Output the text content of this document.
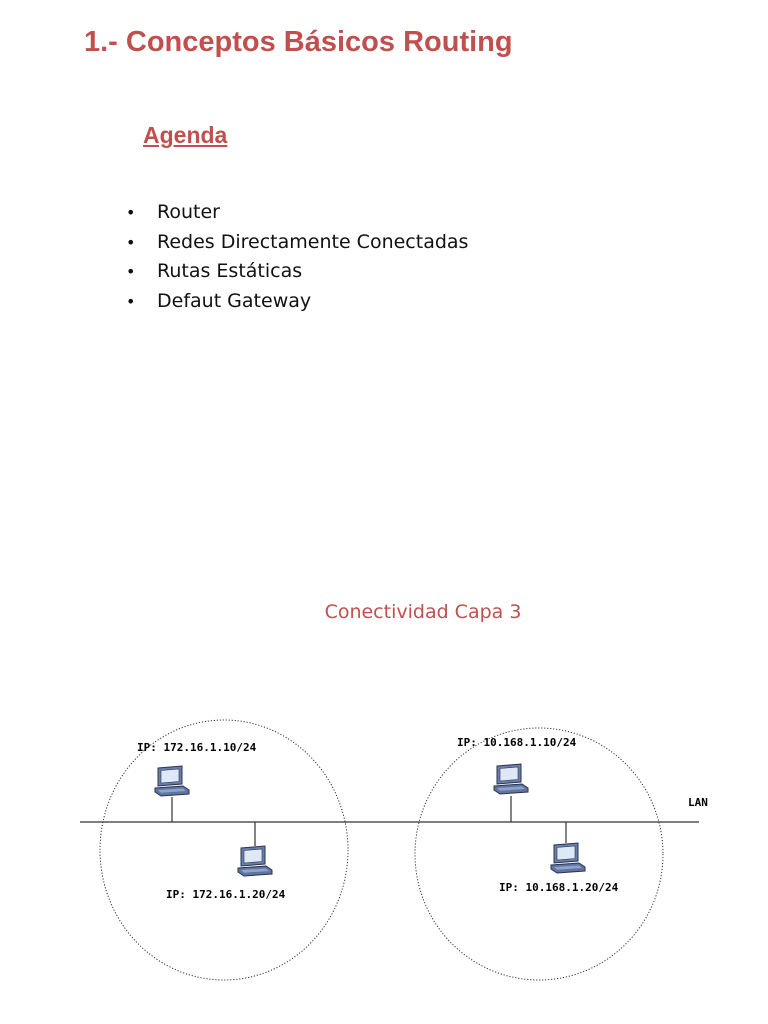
1.- Conceptos Básicos Routing
Agenda
• Router
• Redes Directamente Conectadas
• Rutas Estáticas
• Defaut Gateway
Conectividad Capa 3
LAN
IP: 172.16.1.10/24
IP: 172.16.1.20/24
IP: 10.168.1.10/24
IP: 10.168.1.20/24
